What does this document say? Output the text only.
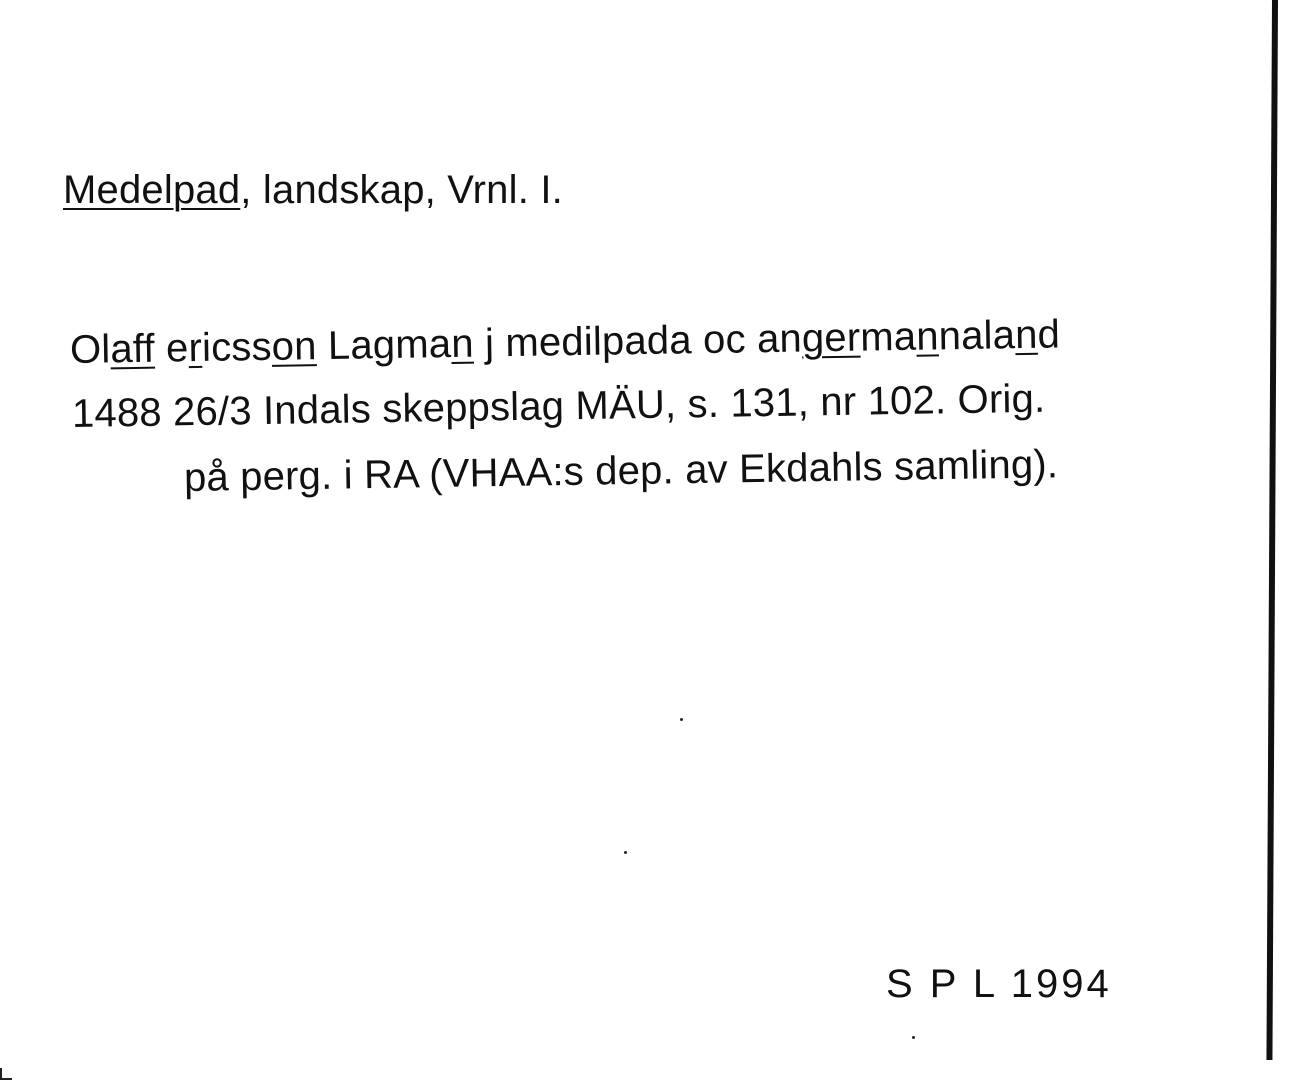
Medelpad, landskap, Vrnl. I.
Olaff ericsson Lagman j medilpada oc angermannaland
1488 26/3 Indals skeppslag MÄU, s. 131, nr 102. Orig.
på perg. i RA (VHAA:s dep. av Ekdahls samling).
S P L 1994
